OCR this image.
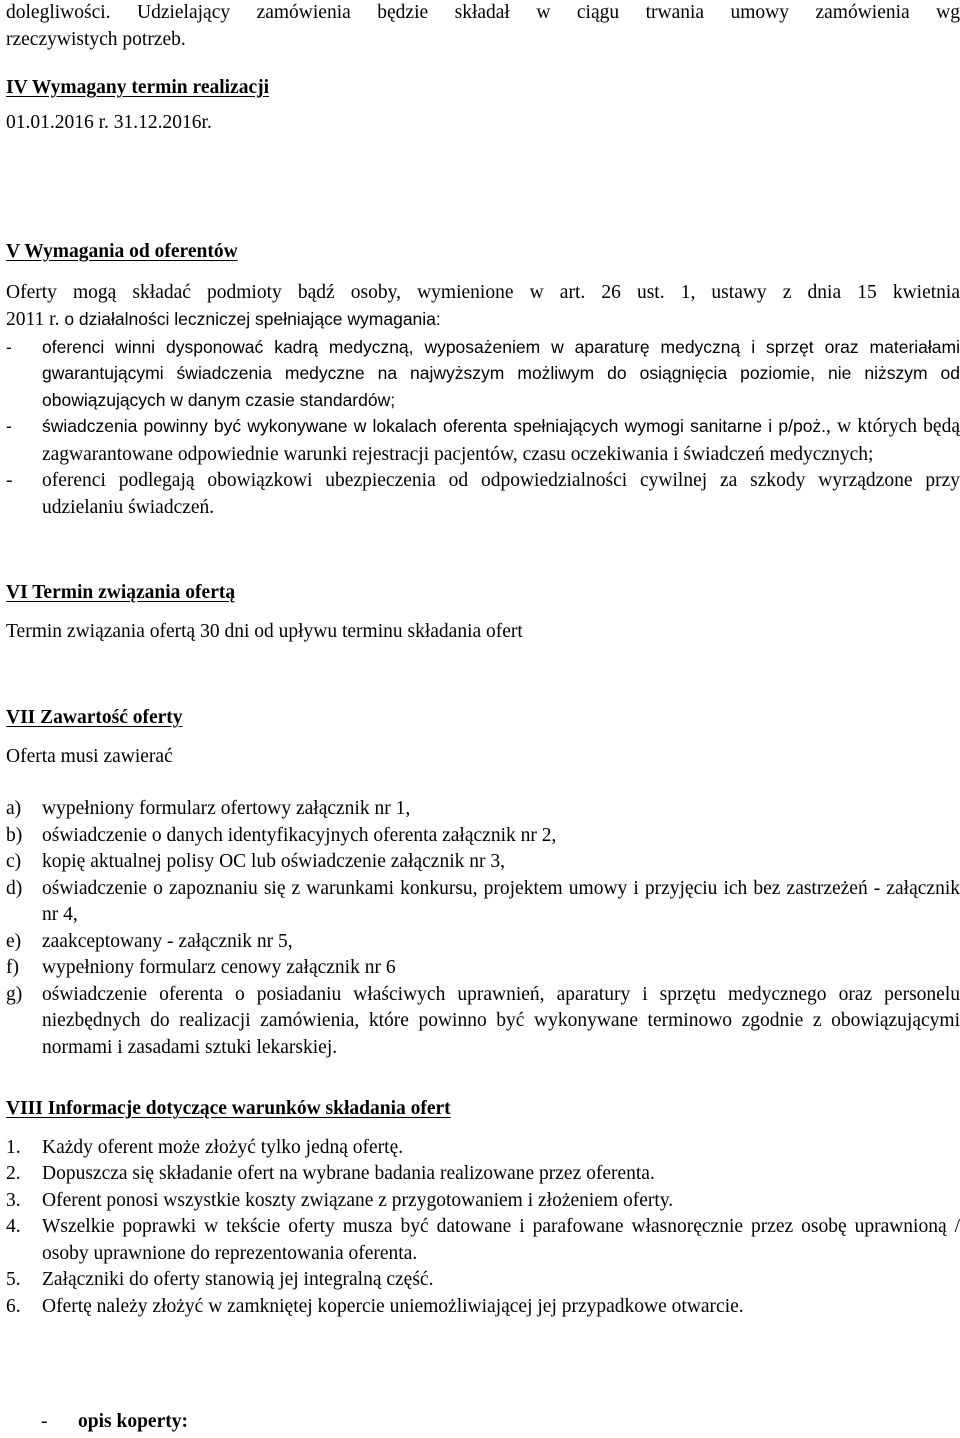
dolegliwości. Udzielający zamówienia będzie składał w ciągu trwania umowy zamówienia wg

rzeczywistych potrzeb.

IV Wymagany termin realizacji

01.01.2016 r. 31.12.2016r.

V Wymagania od oferentów

Oferty mogą składać podmioty bądź osoby, wymienione w art. 26 ust. 1, ustawy z dnia 15 kwietnia

2011 r. o działalności leczniczej spełniające wymagania:

- oferenci winni dysponować kadrą medyczną, wyposażeniem w aparaturę medyczną i sprzęt oraz materiałami gwarantującymi świadczenia medyczne na najwyższym możliwym do osiągnięcia poziomie, nie niższym od obowiązujących w danym czasie standardów;
- świadczenia powinny być wykonywane w lokalach oferenta spełniających wymogi sanitarne i p/poż., w których będą zagwarantowane odpowiednie warunki rejestracji pacjentów, czasu oczekiwania i świadczeń medycznych;
- oferenci podlegają obowiązkowi ubezpieczenia od odpowiedzialności cywilnej za szkody wyrządzone przy udzielaniu świadczeń.

VI Termin związania ofertą

Termin związania ofertą 30 dni od upływu terminu składania ofert

VII Zawartość oferty

Oferta musi zawierać

a) wypełniony formularz ofertowy załącznik nr 1,
b) oświadczenie o danych identyfikacyjnych oferenta załącznik nr 2,
c) kopię aktualnej polisy OC lub oświadczenie załącznik nr 3,
d) oświadczenie o zapoznaniu się z warunkami konkursu, projektem umowy i przyjęciu ich bez zastrzeżeń - załącznik nr 4,
e) zaakceptowany - załącznik nr 5,
f) wypełniony formularz cenowy załącznik nr 6
g) oświadczenie oferenta o posiadaniu właściwych uprawnień, aparatury i sprzętu medycznego oraz personelu niezbędnych do realizacji zamówienia, które powinno być wykonywane terminowo zgodnie z obowiązującymi normami i zasadami sztuki lekarskiej.

VIII Informacje dotyczące warunków składania ofert

1. Każdy oferent może złożyć tylko jedną ofertę.
2. Dopuszcza się składanie ofert na wybrane badania realizowane przez oferenta.
3. Oferent ponosi wszystkie koszty związane z przygotowaniem i złożeniem oferty.
4. Wszelkie poprawki w tekście oferty musza być datowane i parafowane własnoręcznie przez osobę uprawnioną / osoby uprawnione do reprezentowania oferenta.
5. Załączniki do oferty stanowią jej integralną część.
6. Ofertę należy złożyć w zamkniętej kopercie uniemożliwiającej jej przypadkowe otwarcie.
- opis koperty:
